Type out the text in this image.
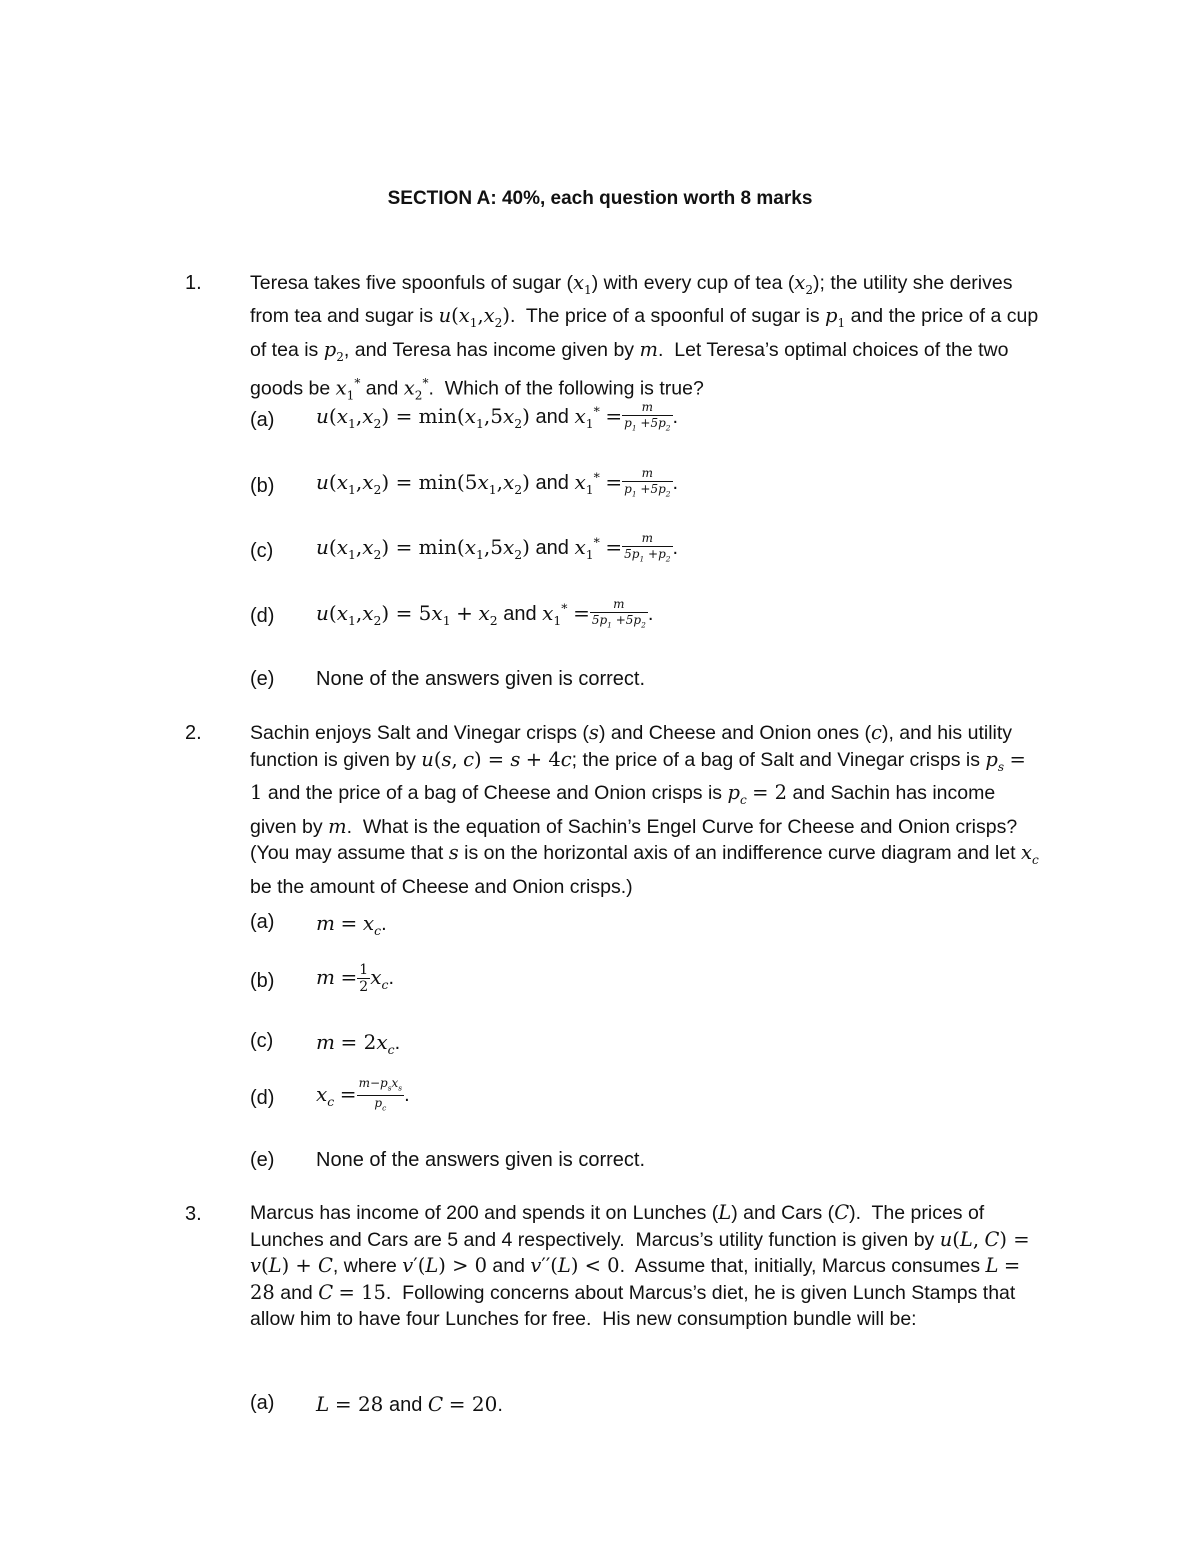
SECTION A: 40%, each question worth 8 marks
1. Teresa takes five spoonfuls of sugar $(x_1)$ with every cup of tea $(x_2)$; the utility she derives from tea and sugar is $u(x_1,x_2)$.  The price of a spoonful of sugar is $p_1$ and the price of a cup of tea is $p_2$, and Teresa has income given by m.  Let Teresa’s optimal choices of the two goods be $x_1^*$ and $x_2^*$.  Which of the following is true?
(a) $u(x_1,x_2) = \min(x_1,5x_2)$ and $x_1^* = \frac{m}{p_1 +5p_2}$ .
(b) $u(x_1,x_2) = \min(5x_1,x_2)$ and $x_1^* = \frac{m}{p_1 +5p_2}$ .
(c) $u(x_1,x_2) = \min(x_1,5x_2)$ and $x_1^* = \frac{m}{5p_1 +p_2}$ .
(d) $u(x_1,x_2) = 5x_1 + x_2$ and $x_1^* = \frac{m}{5p_1 +5p_2}$ .
(e) None of the answers given is correct.
2. Sachin enjoys Salt and Vinegar crisps (s) and Cheese and Onion ones (c), and his utility function is given by u(s, c) = s + 4c; the price of a bag of Salt and Vinegar crisps is $p_s = 1$ and the price of a bag of Cheese and Onion crisps is $p_c = 2$ and Sachin has income given by m.  What is the equation of Sachin’s Engel Curve for Cheese and Onion crisps? (You may assume that s is on the horizontal axis of an indifference curve diagram and let $x_c$ be the amount of Cheese and Onion crisps.)
(a) $m = x_c$.
(b) $m = \frac{1}{2} x_c$.
(c) $m = 2x_c$.
(d) $x_c = \frac{m-p_sx_s}{p_c}$ .
(e) None of the answers given is correct.
3. Marcus has income of 200 and spends it on Lunches (L) and Cars (C).  The prices of Lunches and Cars are 5 and 4 respectively.  Marcus’s utility function is given by u(L, C) = v(L) + C, where v′(L) > 0 and v′′(L) < 0.  Assume that, initially, Marcus consumes L = 28 and C = 15.  Following concerns about Marcus’s diet, he is given Lunch Stamps that allow him to have four Lunches for free.  His new consumption bundle will be:
(a) L = 28 and C = 20.
